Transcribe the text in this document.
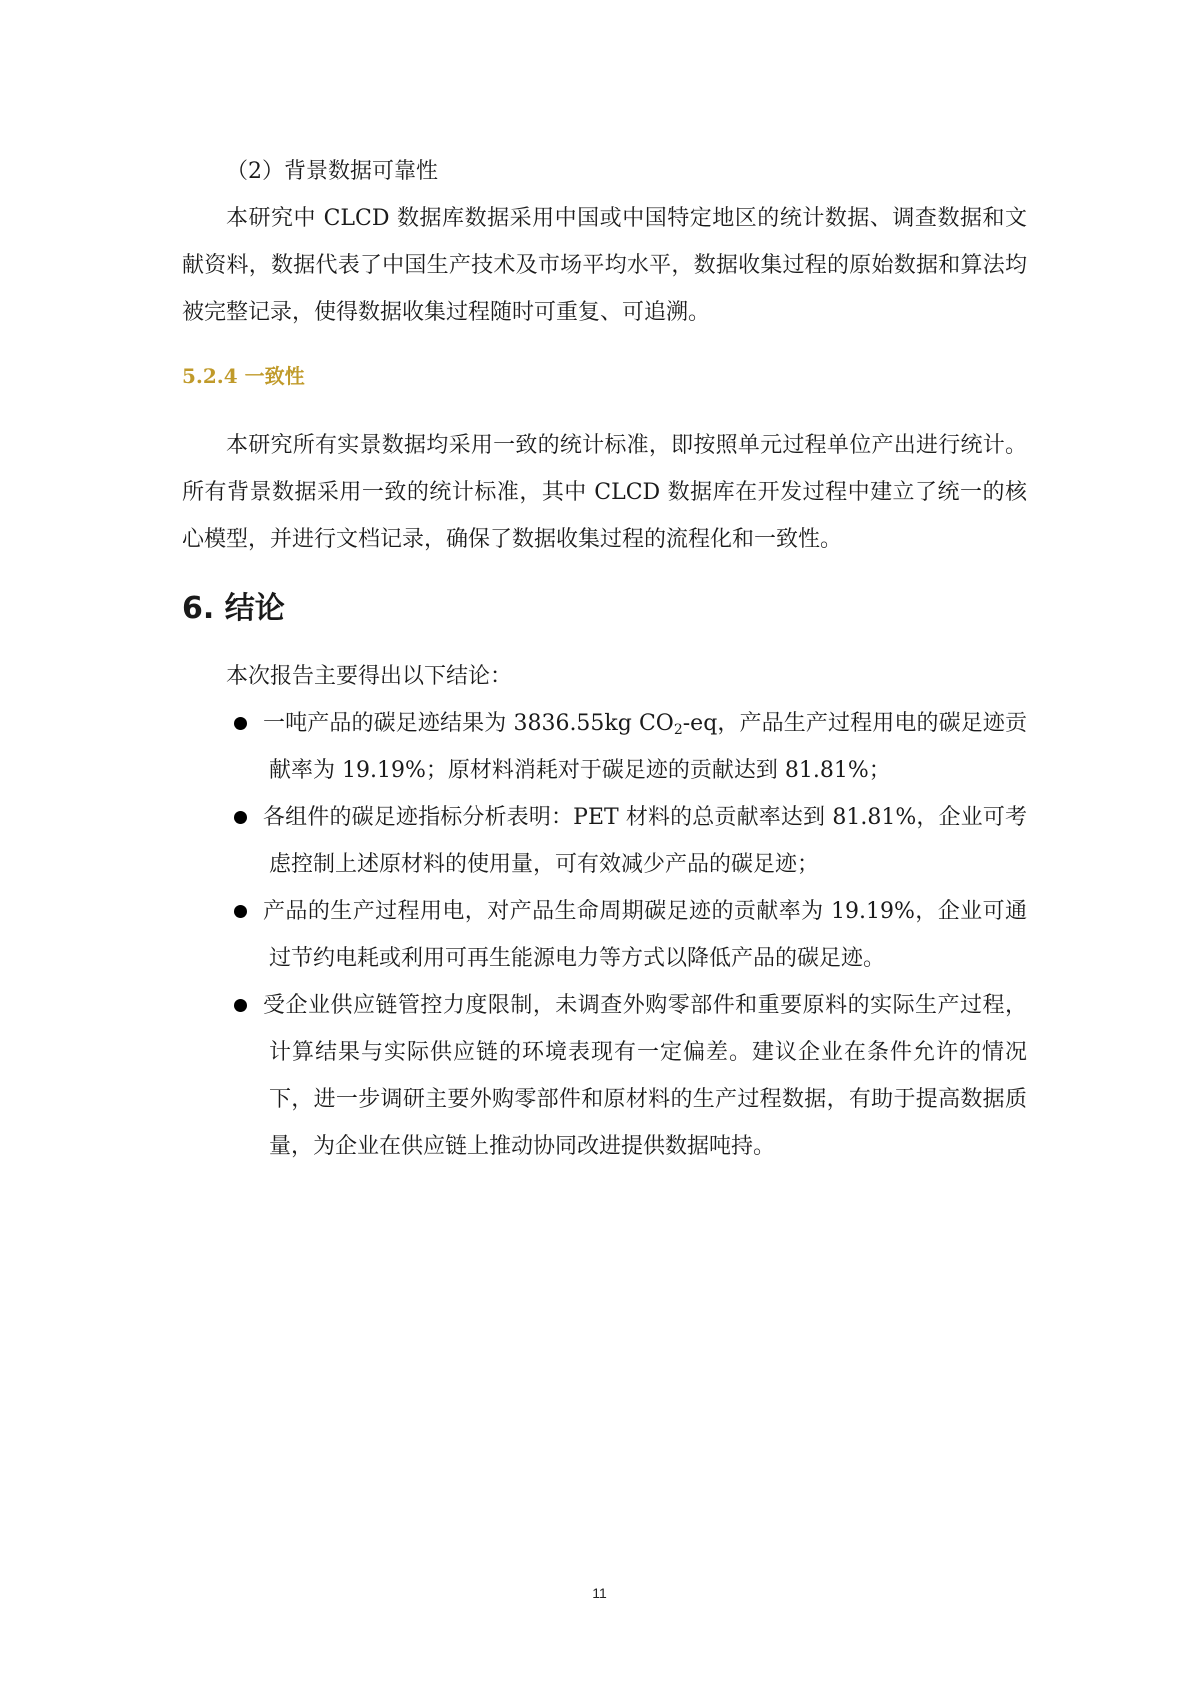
（2）背景数据可靠性

本研究中 CLCD 数据库数据采用中国或中国特定地区的统计数据、调查数据和文献资料，数据代表了中国生产技术及市场平均水平，数据收集过程的原始数据和算法均被完整记录，使得数据收集过程随时可重复、可追溯。

5.2.4 一致性

本研究所有实景数据均采用一致的统计标准，即按照单元过程单位产出进行统计。所有背景数据采用一致的统计标准，其中 CLCD 数据库在开发过程中建立了统一的核心模型，并进行文档记录，确保了数据收集过程的流程化和一致性。

6. 结论

本次报告主要得出以下结论：

一吨产品的碳足迹结果为 3836.55kg $CO_2-eq$，产品生产过程用电的碳足迹贡献率为 19.19%；原材料消耗对于碳足迹的贡献达到 81.81%；
各组件的碳足迹指标分析表明：PET 材料的总贡献率达到 81.81%，企业可考虑控制上述原材料的使用量，可有效减少产品的碳足迹；
产品的生产过程用电，对产品生命周期碳足迹的贡献率为 19.19%，企业可通过节约电耗或利用可再生能源电力等方式以降低产品的碳足迹。
受企业供应链管控力度限制，未调查外购零部件和重要原料的实际生产过程，计算结果与实际供应链的环境表现有一定偏差。建议企业在条件允许的情况下，进一步调研主要外购零部件和原材料的生产过程数据，有助于提高数据质量，为企业在供应链上推动协同改进提供数据吨持。
11
